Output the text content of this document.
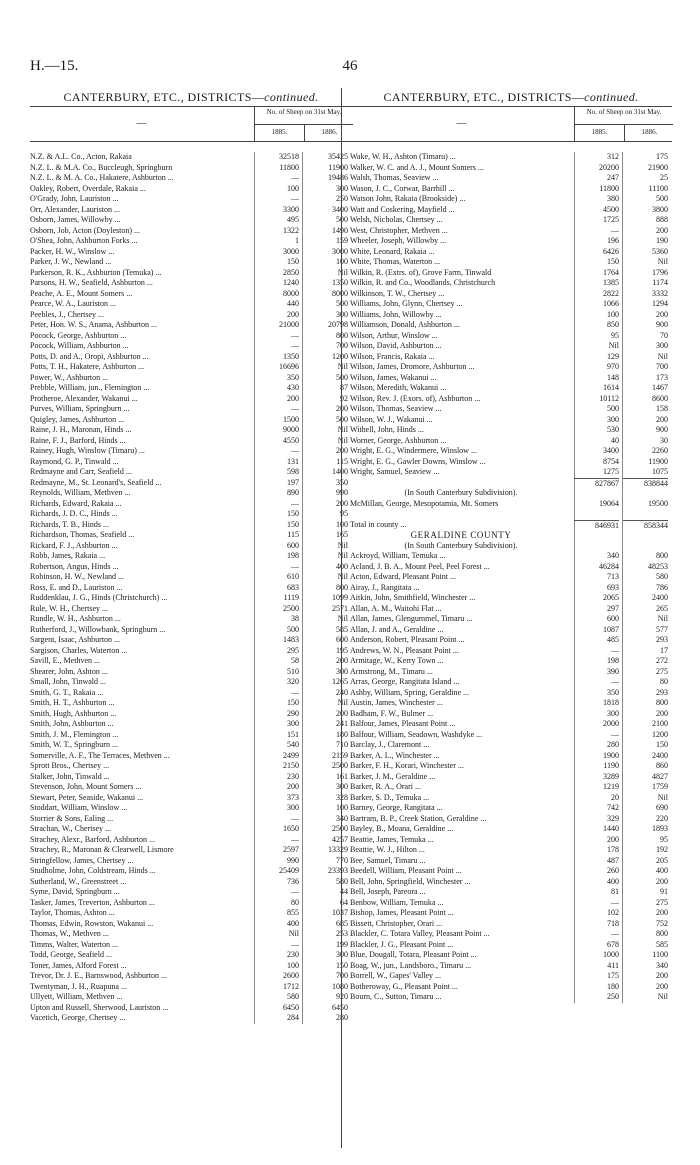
H.—15.	46
CANTERBURY, ETC., DISTRICTS—continued.
—
No. of Sheep on 31st May.
1885.	1886.
N.Z. & A.L. Co., Acton, Rakaia	32518	35425
N.Z. L. & M.A. Co., Buccleugh, Springburn	11800	11900
N.Z. L. & M. A. Co., Hakatere, Ashburton ...	—	19486
Oakley, Robert, Overdale, Rakaia ...	100	300
O'Grady, John, Lauriston ...	—	250
Orr, Alexander, Lauriston ...	3300	3400
Osborn, James, Willowby ...	495	500
Osborn, Job, Acton (Doyleston) ...	1322	1490
O'Shea, John, Ashburton Forks ...	1	159
Packer, H. W., Winslow ...	3000	3000
Parker, J. W., Newland ...	150	100
Parkerson, R. K., Ashburton (Temuka) ...	2850	Nil
Parsons, H. W., Seafield, Ashburton ...	1240	1350
Peache, A. E., Mount Somers ...	8000	8000
Pearce, W. A., Lauriston ...	440	500
Peebles, J., Chertsey ...	200	300
Peter, Hon. W. S., Anama, Ashburton ...	21000	20798
Pocock, George, Ashburton ...	—	800
Pocock, William, Ashburton ...	—	700
Potts, D. and A., Oropi, Ashburton ...	1350	1200
Potts, T. H., Hakatere, Ashburton ...	16696	Nil
Power, W., Ashburton ...	350	500
Prebble, William, jun., Flemington ...	430	87
Protheroe, Alexander, Wakanui ...	200	92
Purves, William, Springburn ...	—	200
Quigley, James, Ashburton ...	1500	500
Raine, J. H., Maronan, Hinds ...	9000	Nil
Raine, F. J., Barford, Hinds ...	4550	Nil
Rainey, Hugh, Winslow (Timaru) ...	—	200
Raymond, G. P., Tinwald ...	131	115
Redmayne and Carr, Seafield ...	598	1400
Redmayne, M., St. Leonard's, Seafield ...	197	350
Reynolds, William, Methven ...	890	990
Richards, Edward, Rakaia ...	—	200
Richards, J. D. C., Hinds ...	150	95
Richards, T. B., Hinds ...	150	100
Richardson, Thomas, Seafield ...	115	165
Rickard, F. J., Ashburton ...	600	Nil
Robb, James, Rakaia ...	198	Nil
Robertson, Angus, Hinds ...	—	400
Robinson, H. W., Newland ...	610	Nil
Ross, E. and D., Lauriston ...	683	800
Ruddenklau, J. G., Hinds (Christchurch) ...	1119	1099
Rule, W. H., Chertsey ...	2500	2571
Rundle, W. H., Ashburton ...	38	Nil
Rutherford, J., Willowbank, Springburn ...	500	585
Sargent, Isaac, Ashburton ...	1483	600
Sargison, Charles, Waterton ...	295	195
Savill, E., Methven ...	58	200
Shearer, John, Ashton ...	510	300
Small, John, Tinwald ...	320	1265
Smith, G. T., Rakaia ...	—	240
Smith, H. T., Ashburton ...	150	Nil
Smith, Hugh, Ashburton ...	290	200
Smith, John, Ashburton ...	300	241
Smith, J. M., Flemington ...	151	180
Smith, W. T., Springburn ...	540	710
Somerville, A. F., The Terraces, Methven ...	2499	2159
Sprott Bros., Chertsey ...	2150	2500
Stalker, John, Tinwald ...	230	161
Stevenson, John, Mount Somers ...	200	300
Stewart, Peter, Seaside, Wakanui ...	373	328
Stoddart, William, Winslow ...	300	100
Storrier & Sons, Ealing ...	—	340
Strachan, W., Chertsey ...	1650	2500
Strachey, Alexr., Barford, Ashburton ...	—	4257
Strachey, R., Maronan & Clearwell, Lismore	2597	13329
Stringfellow, James, Chertsey ...	990	770
Studholme, John, Coldstream, Hinds ...	25409	23393
Sutherland, W., Greenstreet ...	736	580
Syme, David, Springburn ...	—	44
Tasker, James, Treverton, Ashburton ...	80	64
Taylor, Thomas, Ashton ...	855	1037
Thomas, Edwin, Rowston, Wakanui ...	400	685
Thomas, W., Methven ...	Nil	253
Timms, Walter, Waterton ...	—	199
Todd, George, Seafield ...	230	300
Toner, James, Alford Forest ...	100	150
Trevor, Dr. J. E., Barnswood, Ashburton ...	2600	700
Twentyman, J. H., Ruapuna ...	1712	1080
Ullyett, William, Methven ...	580	920
Upton and Russell, Sherwood, Lauriston ...	6450	6450
Vacetich, George, Chertsey ...	284	280
CANTERBURY, ETC., DISTRICTS—continued.
—
No. of Sheep on 31st May.
1885.	1886.
Wake, W. H., Ashton (Timaru) ...	312	175
Walker, W. C. and A. J., Mount Somers ...	20200	21900
Walsh, Thomas, Seaview ...	247	25
Wason, J. C., Corwar, Barrhill ...	11800	11100
Watson John, Rakaia (Brookside) ...	380	500
Watt and Coskering, Mayfield ...	4500	3800
Welsh, Nicholas, Chertsey ...	1725	888
West, Christopher, Methven ...	—	200
Wheeler, Joseph, Willowby ...	196	190
White, Leonard, Rakaia ...	6426	5360
White, Thomas, Waterton ...	150	Nil
Wilkin, R. (Extrs. of), Grove Farm, Tinwald	1764	1796
Wilkin, R. and Co., Woodlands, Christchurch	1385	1174
Wilkinson, T. W., Chertsey ...	2822	3332
Williams, John, Glynn, Chertsey ...	1066	1294
Williams, John, Willowby ...	100	200
Williamson, Donald, Ashburton ...	850	900
Wilson, Arthur, Winslow ...	95	70
Wilson, David, Ashburton ...	Nil	300
Wilson, Francis, Rakaia ...	129	Nil
Wilson, James, Dromore, Ashburton ...	970	700
Wilson, James, Wakanui ...	148	173
Wilson, Meredith, Wakanui ...	1614	1467
Wilson, Rev. J. (Exors. of), Ashburton ...	10112	8600
Wilson, Thomas, Seaview ...	500	158
Wilson, W. J., Wakanui ...	300	200
Withell, John, Hinds ...	530	900
Worner, George, Ashburton ...	40	30
Wright, E. G., Windermere, Winslow ...	3400	2260
Wright, E. G., Gawler Downs, Winslow ...	8754	11900
Wright, Samuel, Seaview ...	1275	1075
827867	838844
(In South Canterbury Subdivision).
McMillan, George, Mesopotamia, Mt. Somers	19064	19500
Total in county ...	846931	858344
GERALDINE COUNTY
(In South Canterbury Subdivision).
Ackroyd, William, Temuka ...	340	800
Acland, J. B. A., Mount Peel, Peel Forest ...	46284	48253
Acton, Edward, Pleasant Point ...	713	580
Airay, J., Rangitata ...	693	786
Aitkin, John, Smithfield, Winchester ...	2065	2400
Allan, A. M., Waitohi Flat ...	297	265
Allan, James, Glengummel, Timaru ...	600	Nil
Allan, J. and A., Geraldine ...	1087	577
Anderson, Robert, Pleasant Point ...	485	293
Andrews, W. N., Pleasant Point ...	—	17
Armitage, W., Kerry Town ...	198	272
Armstrong, M., Timaru ...	390	275
Arras, George, Rangitata Island ...	—	80
Ashby, William, Spring, Geraldine ...	350	293
Austin, James, Winchester ...	1818	800
Badham, F. W., Bulmer ...	300	200
Balfour, James, Pleasant Point ...	2000	2100
Balfour, William, Seadown, Washdyke ...	—	1200
Barclay, J., Claremont ...	280	150
Barker, A. L., Winchester ...	1900	2400
Barker, F. H., Korari, Winchester ...	1190	860
Barker, J. M., Geraldine ...	3289	4827
Barker, R. A., Orari ...	1219	1759
Barker, S. D., Temuka ...	20	Nil
Barney, George, Rangitata ...	742	690
Bartram, B. P., Creek Station, Geraldine ...	329	220
Bayley, B., Moana, Geraldine ...	1440	1893
Beattie, James, Temuka ...	200	95
Beattie, W. J., Hilton ...	178	192
Bee, Samuel, Timaru ...	487	205
Beedell, William, Pleasant Point ...	260	400
Bell, John, Springfield, Winchester ...	400	200
Bell, Joseph, Pareora ...	81	91
Benbow, William, Temuka ...	—	275
Bishop, James, Pleasant Point ...	102	200
Bissett, Christopher, Orari ...	718	752
Blackler, C. Totara Valley, Pleasant Point ...	—	800
Blackler, J. G., Pleasant Point ...	678	585
Blue, Dougall, Totara, Pleasant Point ...	1000	1100
Boag, W., jun., Landsboro., Timaru ...	411	340
Borrell, W., Gapes' Valley ...	175	200
Botheroway, G., Pleasant Point ...	180	200
Bourn, C., Sutton, Timaru ...	250	Nil
